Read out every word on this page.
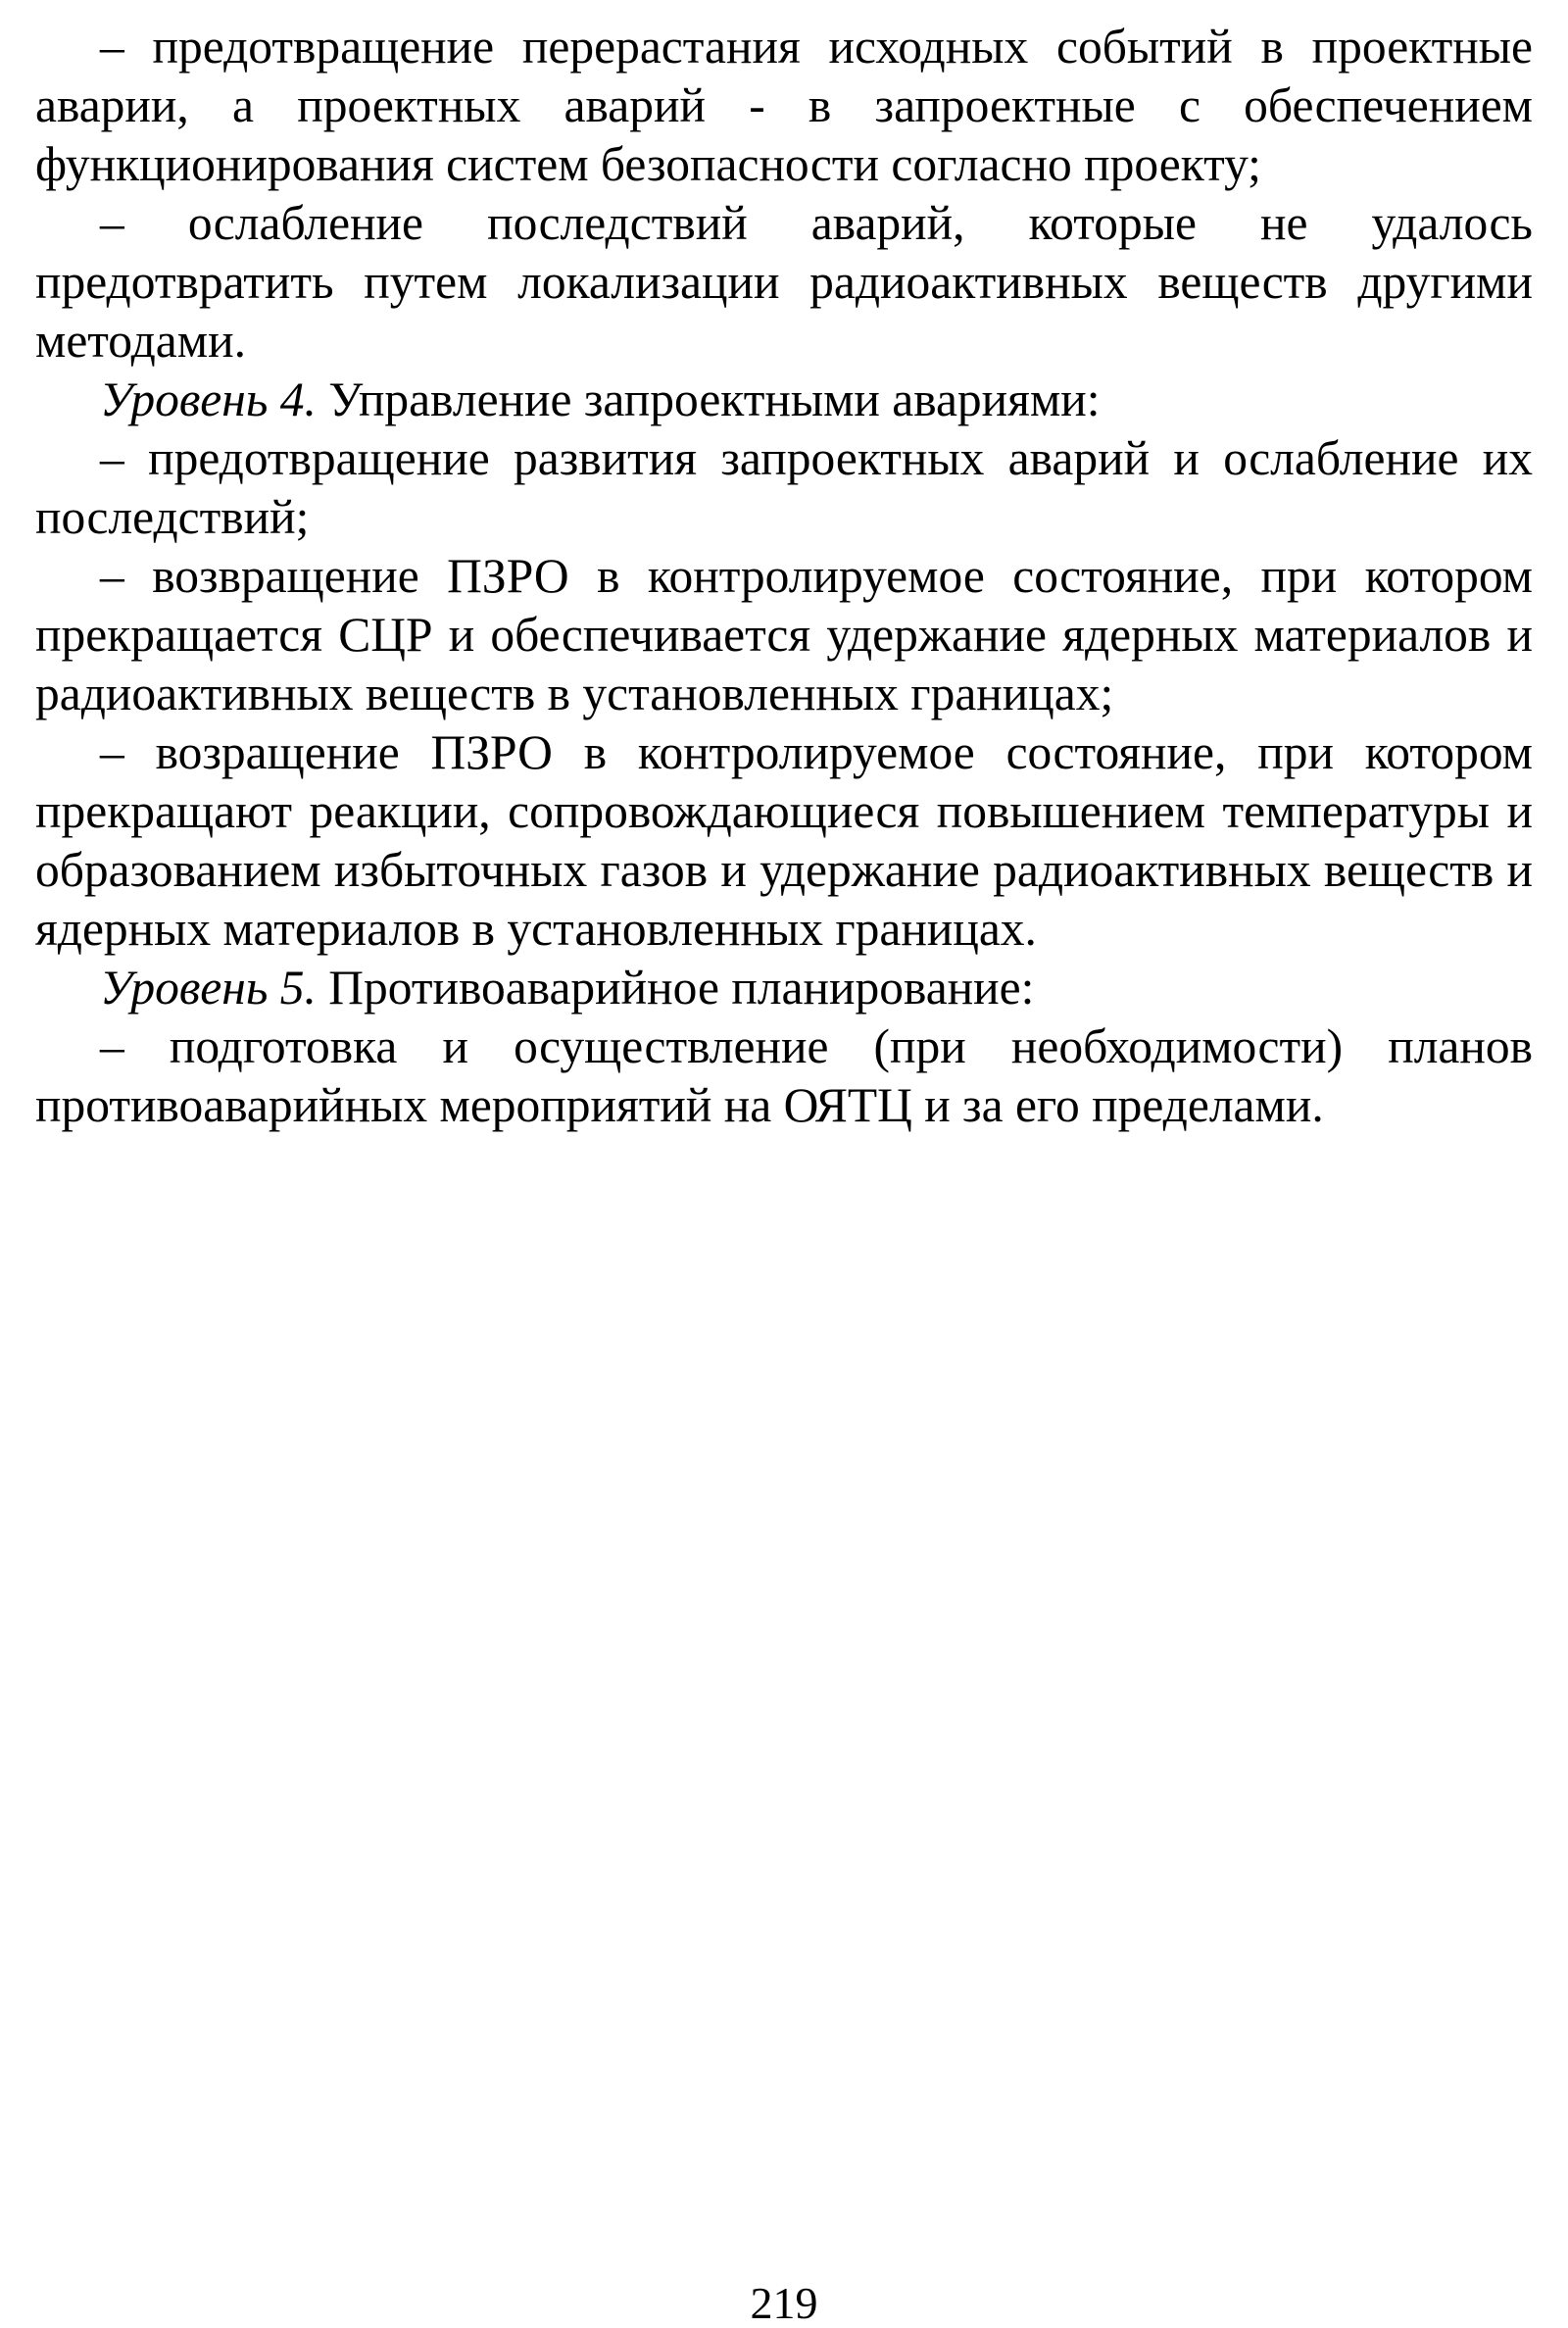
– предотвращение перерастания исходных событий в проектные аварии, а проектных аварий - в запроектные с обеспечением функционирования систем безопасности согласно проекту;

– ослабление последствий аварий, которые не удалось предотвратить путем локализации радиоактивных веществ другими методами.

Уровень 4. Управление запроектными авариями:

– предотвращение развития запроектных аварий и ослабление их последствий;

– возвращение ПЗРО в контролируемое состояние, при котором прекращается СЦР и обеспечивается удержание ядерных материалов и радиоактивных веществ в установленных границах;

– возращение ПЗРО в контролируемое состояние, при котором прекращают реакции, сопровождающиеся повышением температуры и образованием избыточных газов и удержание радиоактивных веществ и ядерных материалов в установленных границах.

Уровень 5. Противоаварийное планирование:

– подготовка и осуществление (при необходимости) планов противоаварийных мероприятий на ОЯТЦ и за его пределами.

219
